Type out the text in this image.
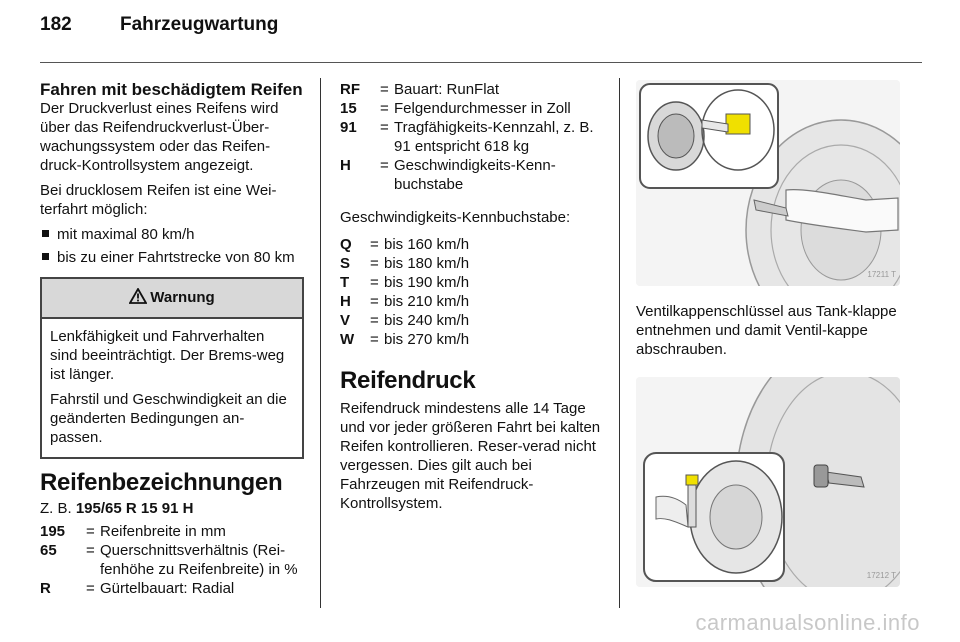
182	Fahrzeugwartung
Fahren mit beschädigtem Reifen

Der Druckverlust eines Reifens wird über das Reifendruckverlust-Über-wachungssystem oder das Reifen-druck-Kontrollsystem angezeigt.

Bei drucklosem Reifen ist eine Wei-terfahrt möglich:

mit maximal 80 km/h
bis zu einer Fahrtstrecke von 80 km
Warnung

Lenkfähigkeit und Fahrverhalten sind beeinträchtigt. Der Brems-weg ist länger.

Fahrstil und Geschwindigkeit an die geänderten Bedingungen an-passen.

Reifenbezeichnungen

Z. B. 195/65 R 15 91 H

195	= Reifenbreite in mm
65	= Querschnittsverhältnis (Rei-fenhöhe zu Reifenbreite) in %
R	= Gürtelbauart: Radial
RF	= Bauart: RunFlat
15	= Felgendurchmesser in Zoll
91	= Tragfähigkeits-Kennzahl, z. B. 91 entspricht 618 kg
H	= Geschwindigkeits-Kenn-buchstabe

Geschwindigkeits-Kennbuchstabe:

Q	= bis 160 km/h
S	= bis 180 km/h
T	= bis 190 km/h
H	= bis 210 km/h
V	= bis 240 km/h
W	= bis 270 km/h
Reifendruck

Reifendruck mindestens alle 14 Tage und vor jeder größeren Fahrt bei kalten Reifen kontrollieren. Reser-verad nicht vergessen. Dies gilt auch bei Fahrzeugen mit Reifendruck-Kontrollsystem.

17211 T

Ventilkappenschlüssel aus Tank-klappe entnehmen und damit Ventil-kappe abschrauben.

17212 T
carmanualsonline.info
